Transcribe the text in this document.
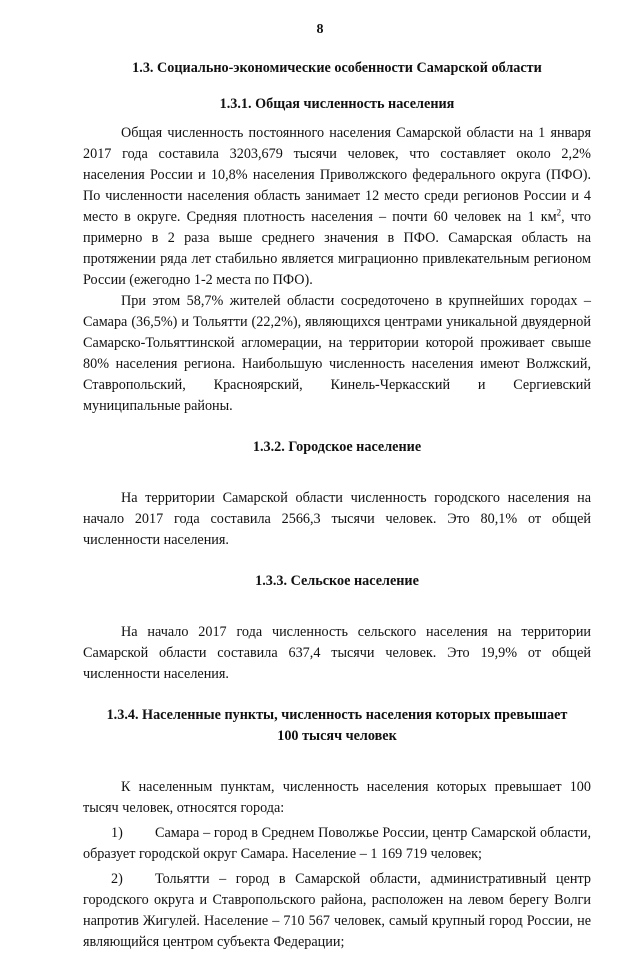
8
1.3. Социально-экономические особенности Самарской области
1.3.1. Общая численность населения

Общая численность постоянного населения Самарской области на 1 января 2017 года составила 3203,679 тысячи человек, что составляет около 2,2% населения России и 10,8% населения Приволжского федерального округа (ПФО). По численности населения область занимает 12 место среди регионов России и 4 место в округе. Средняя плотность населения – почти 60 человек на 1 $км^2$, что примерно в 2 раза выше среднего значения в ПФО. Самарская область на протяжении ряда лет стабильно является миграционно привлекательным регионом России (ежегодно 1-2 места по ПФО).

При этом 58,7% жителей области сосредоточено в крупнейших городах – Самара (36,5%) и Тольятти (22,2%), являющихся центрами уникальной двуядерной Самарско-Тольяттинской агломерации, на территории которой проживает свыше 80% населения региона. Наибольшую численность населения имеют Волжский, Ставропольский, Красноярский, Кинель-Черкасский и Сергиевский муниципальные районы.

1.3.2. Городское население

На территории Самарской области численность городского населения на начало 2017 года составила 2566,3 тысячи человек. Это 80,1% от общей численности населения.

1.3.3. Сельское население

На начало 2017 года численность сельского населения на территории Самарской области составила 637,4 тысячи человек. Это 19,9% от общей численности населения.

1.3.4. Населенные пункты, численность населения которых превышает
100 тысяч человек

К населенным пунктам, численность населения которых превышает 100 тысяч человек, относятся города:

1) Самара – город в Среднем Поволжье России, центр Самарской области, образует городской округ Самара. Население – 1 169 719 человек;

2) Тольятти – город в Самарской области, административный центр городского округа и Ставропольского района, расположен на левом берегу Волги напротив Жигулей. Население – 710 567 человек, самый крупный город России, не являющийся центром субъекта Федерации;
